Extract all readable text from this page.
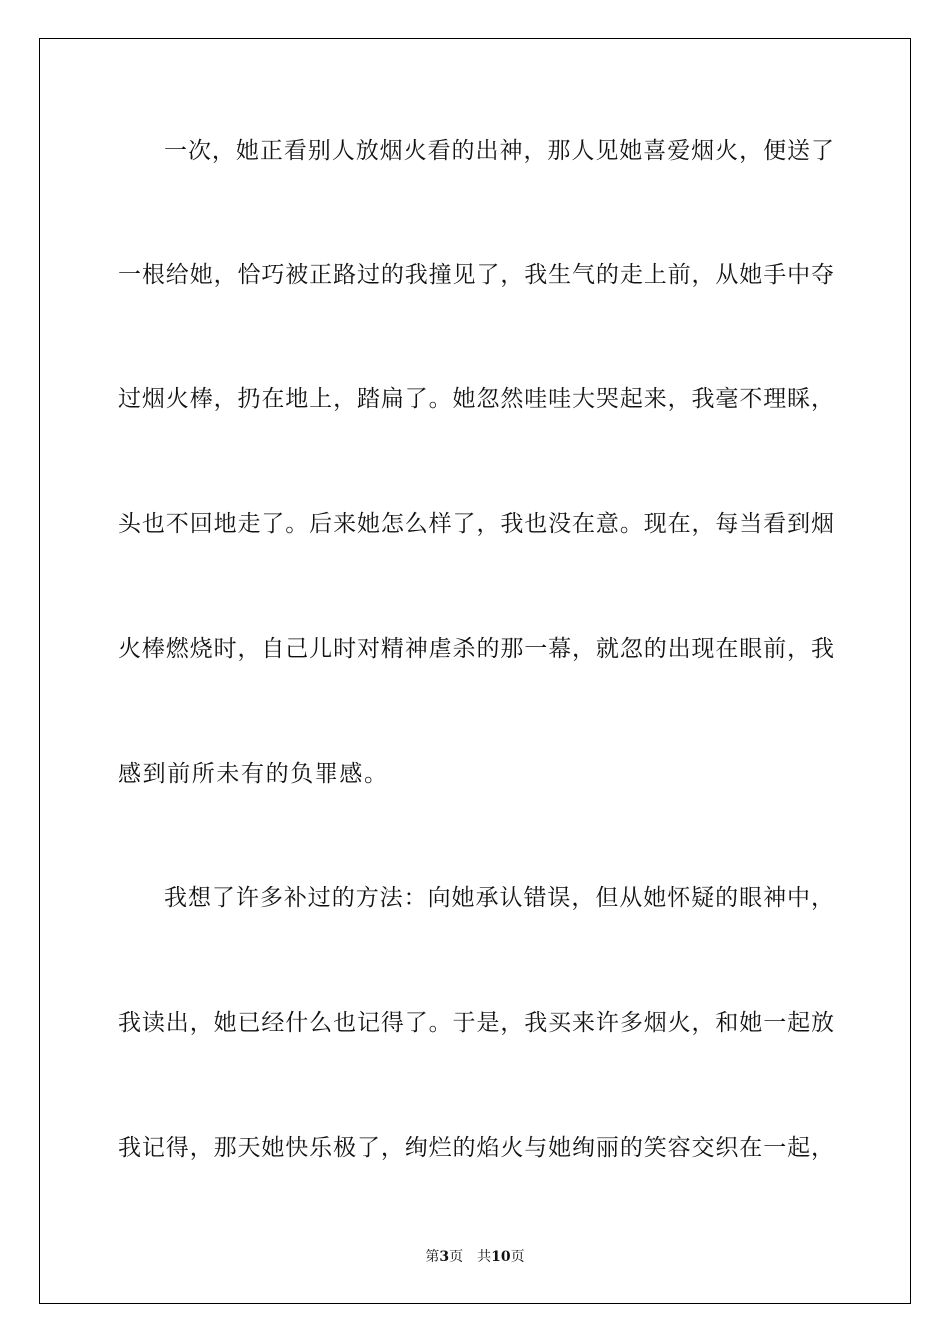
一次，她正看别人放烟火看的出神，那人见她喜爱烟火，便送了
一根给她，恰巧被正路过的我撞见了，我生气的走上前，从她手中夺
过烟火棒，扔在地上，踏扁了。她忽然哇哇大哭起来，我毫不理睬，
头也不回地走了。后来她怎么样了，我也没在意。现在，每当看到烟
火棒燃烧时，自己儿时对精神虐杀的那一幕，就忽的出现在眼前，我
感到前所未有的负罪感。
我想了许多补过的方法：向她承认错误，但从她怀疑的眼神中，
我读出，她已经什么也记得了。于是，我买来许多烟火，和她一起放
我记得，那天她快乐极了，绚烂的焰火与她绚丽的笑容交织在一起，
第3页 共10页
